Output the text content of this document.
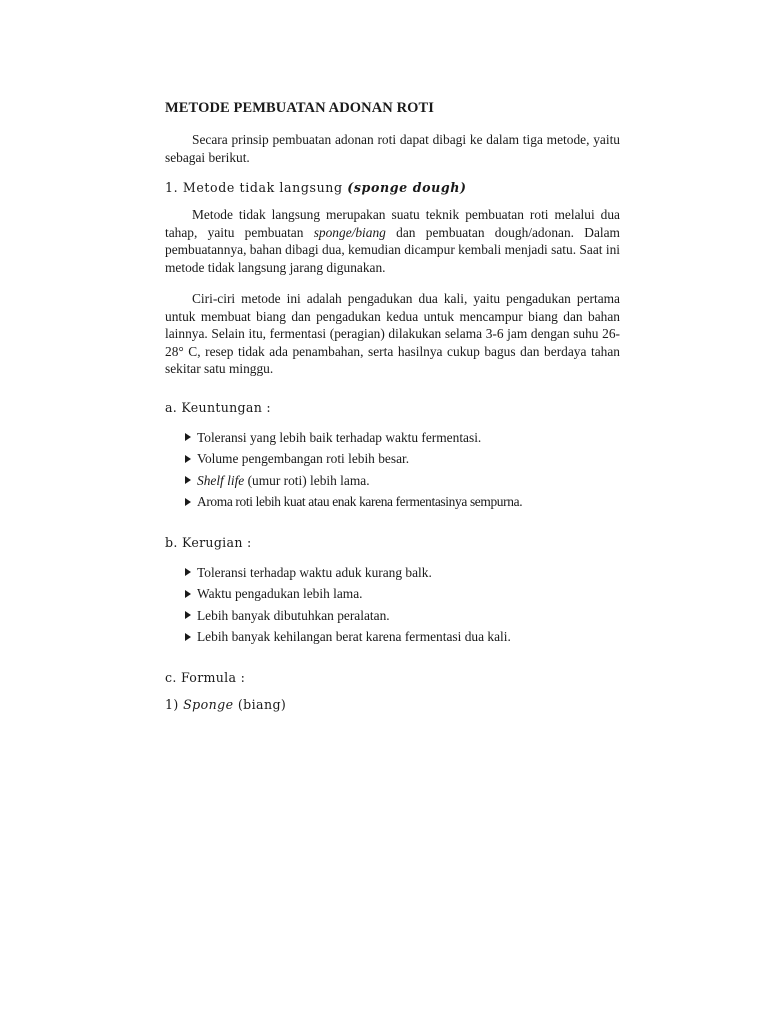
METODE PEMBUATAN ADONAN ROTI

Secara prinsip pembuatan adonan roti dapat dibagi ke dalam tiga metode, yaitu sebagai berikut.

1. Metode tidak langsung (sponge dough)

Metode tidak langsung merupakan suatu teknik pembuatan roti melalui dua tahap, yaitu pembuatan sponge/biang dan pembuatan dough/adonan. Dalam pembuatannya, bahan dibagi dua, kemudian dicampur kembali menjadi satu. Saat ini metode tidak langsung jarang digunakan.

Ciri-ciri metode ini adalah pengadukan dua kali, yaitu pengadukan pertama untuk membuat biang dan pengadukan kedua untuk mencampur biang dan bahan lainnya. Selain itu, fermentasi (peragian) dilakukan selama 3-6 jam dengan suhu 26-28° C, resep tidak ada penambahan, serta hasilnya cukup bagus dan berdaya tahan sekitar satu minggu.

a. Keuntungan :
Toleransi yang lebih baik terhadap waktu fermentasi.
Volume pengembangan roti lebih besar.
Shelf life (umur roti) lebih lama.
Aroma roti lebih kuat atau enak karena fermentasinya sempurna.
b. Kerugian :
Toleransi terhadap waktu aduk kurang balk.
Waktu pengadukan lebih lama.
Lebih banyak dibutuhkan peralatan.
Lebih banyak kehilangan berat karena fermentasi dua kali.
c. Formula :
1) Sponge (biang)
